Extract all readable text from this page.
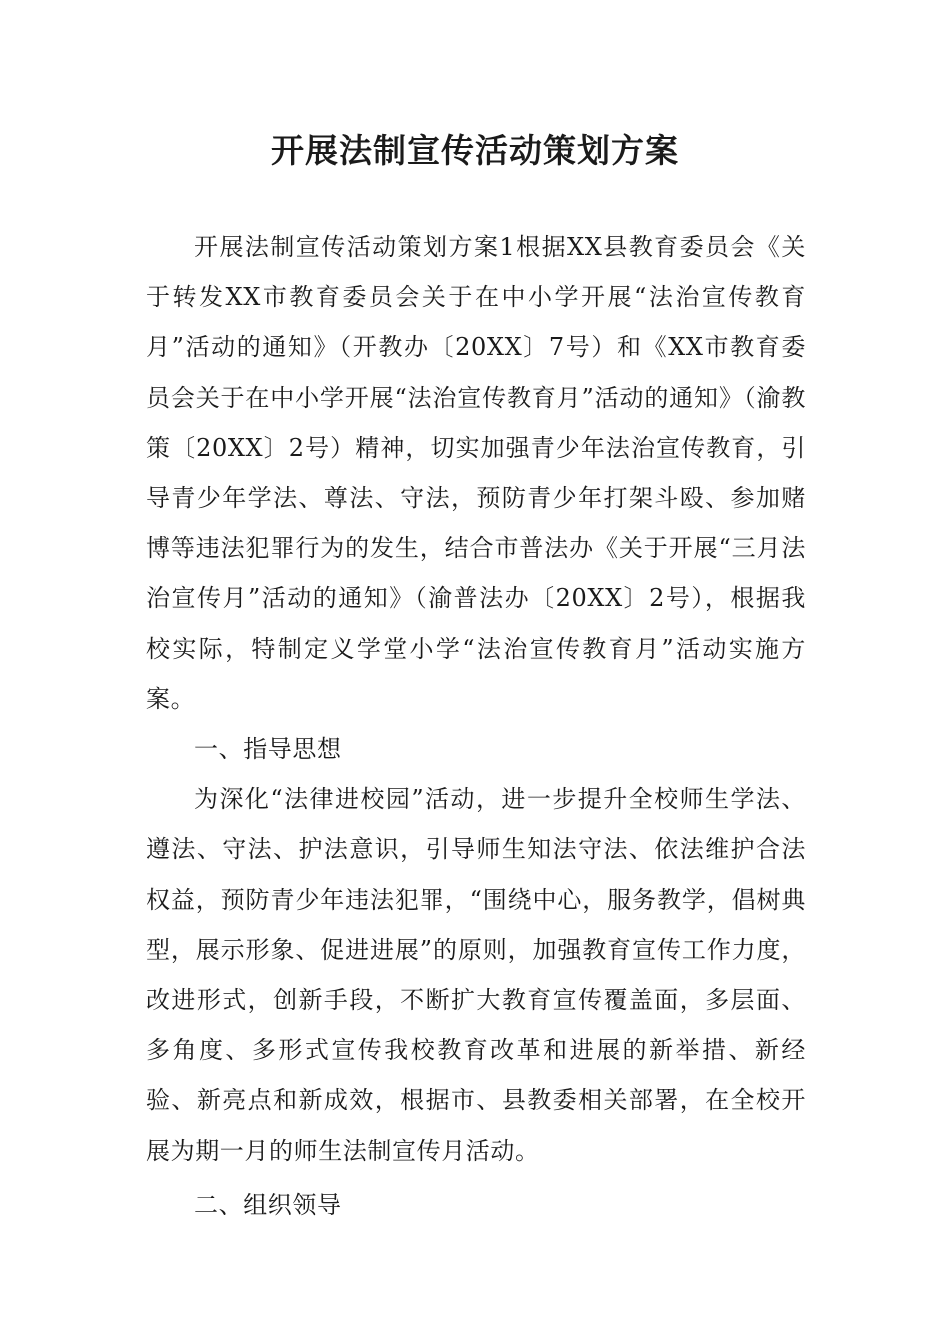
开展法制宣传活动策划方案

开展法制宣传活动策划方案1根据XX县教育委员会《关于转发XX市教育委员会关于在中小学开展“法治宣传教育月”活动的通知》（开教办〔20XX〕7号）和《XX市教育委员会关于在中小学开展“法治宣传教育月”活动的通知》（渝教策〔20XX〕2号）精神，切实加强青少年法治宣传教育，引导青少年学法、尊法、守法，预防青少年打架斗殴、参加赌博等违法犯罪行为的发生，结合市普法办《关于开展“三月法治宣传月”活动的通知》（渝普法办〔20XX〕2号），根据我校实际，特制定义学堂小学“法治宣传教育月”活动实施方案。

一、指导思想

为深化“法律进校园”活动，进一步提升全校师生学法、遵法、守法、护法意识，引导师生知法守法、依法维护合法权益，预防青少年违法犯罪，“围绕中心，服务教学，倡树典型，展示形象、促进进展”的原则，加强教育宣传工作力度，改进形式，创新手段，不断扩大教育宣传覆盖面，多层面、多角度、多形式宣传我校教育改革和进展的新举措、新经验、新亮点和新成效，根据市、县教委相关部署，在全校开展为期一月的师生法制宣传月活动。

二、组织领导
